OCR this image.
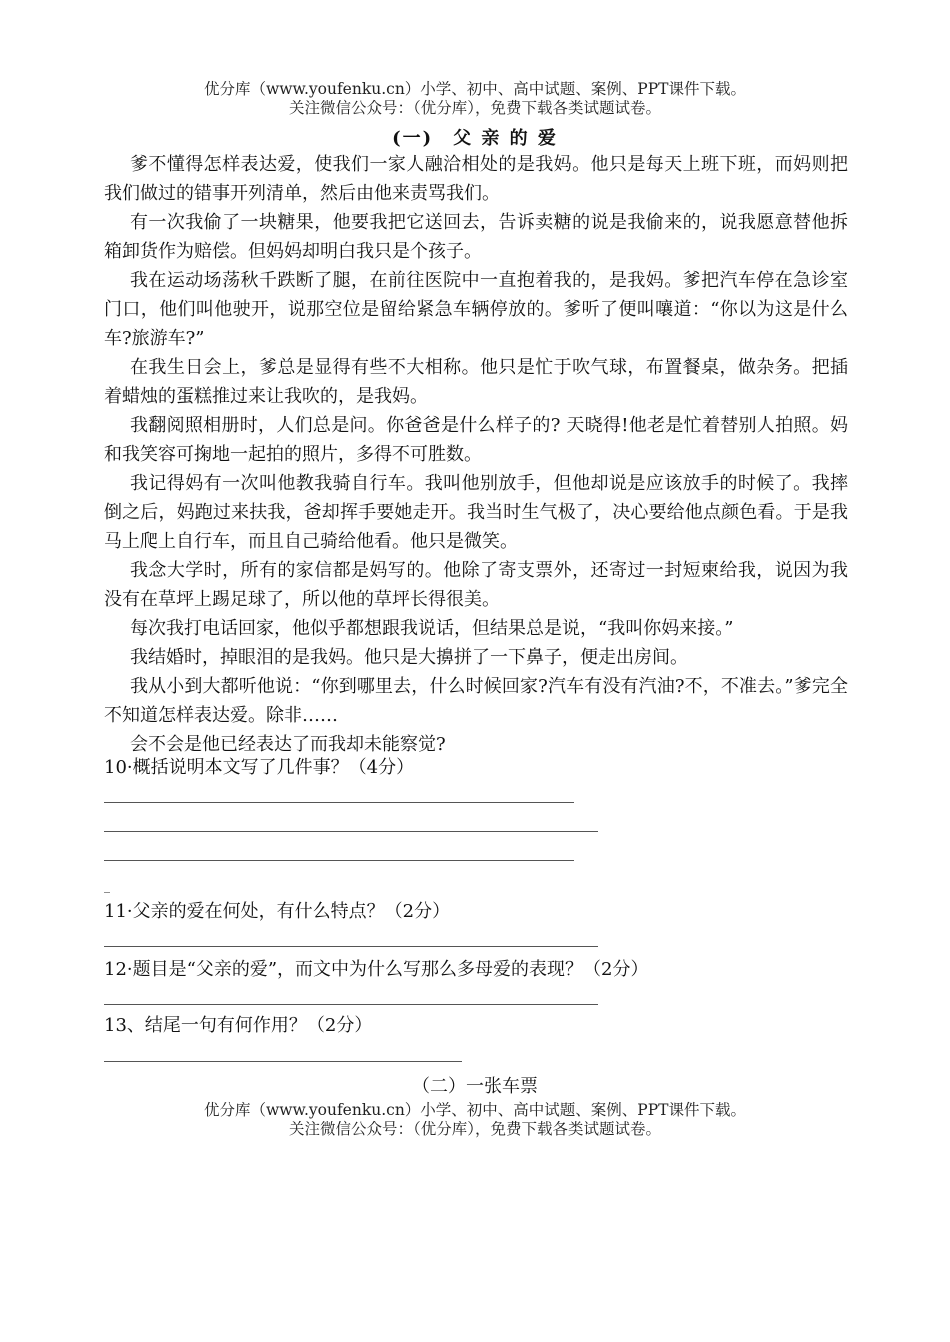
优分库（www.youfenku.cn）小学、初中、高中试题、案例、PPT课件下载。
关注微信公众号：（优分库），免费下载各类试题试卷。
(一)　父 亲 的 爱

爹不懂得怎样表达爱，使我们一家人融洽相处的是我妈。他只是每天上班下班，而妈则把我们做过的错事开列清单，然后由他来责骂我们。

有一次我偷了一块糖果，他要我把它送回去，告诉卖糖的说是我偷来的，说我愿意替他拆箱卸货作为赔偿。但妈妈却明白我只是个孩子。

我在运动场荡秋千跌断了腿，在前往医院中一直抱着我的，是我妈。爹把汽车停在急诊室门口，他们叫他驶开，说那空位是留给紧急车辆停放的。爹听了便叫嚷道：“你以为这是什么车?旅游车?”

在我生日会上，爹总是显得有些不大相称。他只是忙于吹气球，布置餐桌，做杂务。把插着蜡烛的蛋糕推过来让我吹的，是我妈。

我翻阅照相册时，人们总是问。你爸爸是什么样子的? 天晓得!他老是忙着替别人拍照。妈和我笑容可掬地一起拍的照片，多得不可胜数。

我记得妈有一次叫他教我骑自行车。我叫他别放手，但他却说是应该放手的时候了。我摔倒之后，妈跑过来扶我，爸却挥手要她走开。我当时生气极了，决心要给他点颜色看。于是我马上爬上自行车，而且自己骑给他看。他只是微笑。

我念大学时，所有的家信都是妈写的。他除了寄支票外，还寄过一封短柬给我，说因为我没有在草坪上踢足球了，所以他的草坪长得很美。

每次我打电话回家，他似乎都想跟我说话，但结果总是说，“我叫你妈来接。”

我结婚时，掉眼泪的是我妈。他只是大擤拼了一下鼻子，便走出房间。

我从小到大都听他说：“你到哪里去，什么时候回家?汽车有没有汽油?不，不准去。”爹完全不知道怎样表达爱。除非……

会不会是他已经表达了而我却未能察觉?

10·概括说明本文写了几件事？（4分）
_
11·父亲的爱在何处，有什么特点？（2分）
12·题目是“父亲的爱”，而文中为什么写那么多母爱的表现？（2分）
13、结尾一句有何作用？（2分）
（二）一张车票
优分库（www.youfenku.cn）小学、初中、高中试题、案例、PPT课件下载。
关注微信公众号：（优分库），免费下载各类试题试卷。
